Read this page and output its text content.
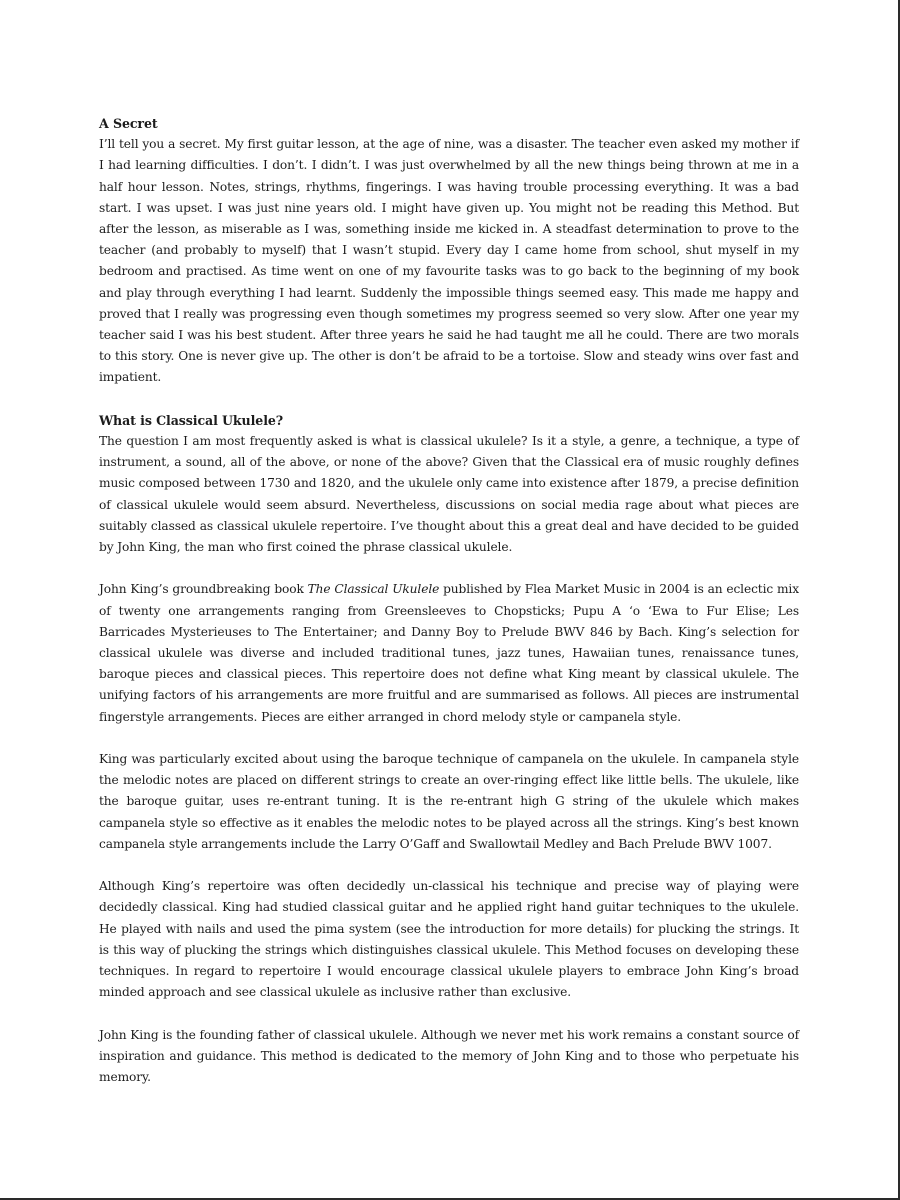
A Secret

I’ll tell you a secret. My first guitar lesson, at the age of nine, was a disaster. The teacher even asked my mother if I had learning difficulties. I don’t. I didn’t. I was just overwhelmed by all the new things being thrown at me in a half hour lesson. Notes, strings, rhythms, fingerings. I was having trouble processing everything. It was a bad start. I was upset. I was just nine years old. I might have given up. You might not be reading this Method. But after the lesson, as miserable as I was, something inside me kicked in. A steadfast determination to prove to the teacher (and probably to myself) that I wasn’t stupid. Every day I came home from school, shut myself in my bedroom and practised. As time went on one of my favourite tasks was to go back to the beginning of my book and play through everything I had learnt. Suddenly the impossible things seemed easy. This made me happy and proved that I really was progressing even though sometimes my progress seemed so very slow. After one year my teacher said I was his best student. After three years he said he had taught me all he could. There are two morals to this story. One is never give up. The other is don’t be afraid to be a tortoise. Slow and steady wins over fast and impatient.

What is Classical Ukulele?

The question I am most frequently asked is what is classical ukulele? Is it a style, a genre, a technique, a type of instrument, a sound, all of the above, or none of the above? Given that the Classical era of music roughly defines music composed between 1730 and 1820, and the ukulele only came into existence after 1879, a precise definition of classical ukulele would seem absurd. Nevertheless, discussions on social media rage about what pieces are suitably classed as classical ukulele repertoire. I’ve thought about this a great deal and have decided to be guided by John King, the man who first coined the phrase classical ukulele.

John King’s groundbreaking book The Classical Ukulele published by Flea Market Music in 2004 is an eclectic mix of twenty one arrangements ranging from Greensleeves to Chopsticks; Pupu A ‘o ‘Ewa to Fur Elise; Les Barricades Mysterieuses to The Entertainer; and Danny Boy to Prelude BWV 846 by Bach. King’s selection for classical ukulele was diverse and included traditional tunes, jazz tunes, Hawaiian tunes, renaissance tunes, baroque pieces and classical pieces. This repertoire does not define what King meant by classical ukulele. The unifying factors of his arrangements are more fruitful and are summarised as follows. All pieces are instrumental fingerstyle arrangements. Pieces are either arranged in chord melody style or campanela style.

King was particularly excited about using the baroque technique of campanela on the ukulele. In campanela style the melodic notes are placed on different strings to create an over-ringing effect like little bells. The ukulele, like the baroque guitar, uses re-entrant tuning. It is the re-entrant high G string of the ukulele which makes campanela style so effective as it enables the melodic notes to be played across all the strings. King’s best known campanela style arrangements include the Larry O’Gaff and Swallowtail Medley and Bach Prelude BWV 1007.

Although King’s repertoire was often decidedly un-classical his technique and precise way of playing were decidedly classical. King had studied classical guitar and he applied right hand guitar techniques to the ukulele. He played with nails and used the pima system (see the introduction for more details) for plucking the strings. It is this way of plucking the strings which distinguishes classical ukulele. This Method focuses on developing these techniques. In regard to repertoire I would encourage classical ukulele players to embrace John King’s broad minded approach and see classical ukulele as inclusive rather than exclusive.

John King is the founding father of classical ukulele. Although we never met his work remains a constant source of inspiration and guidance. This method is dedicated to the memory of John King and to those who perpetuate his memory.
